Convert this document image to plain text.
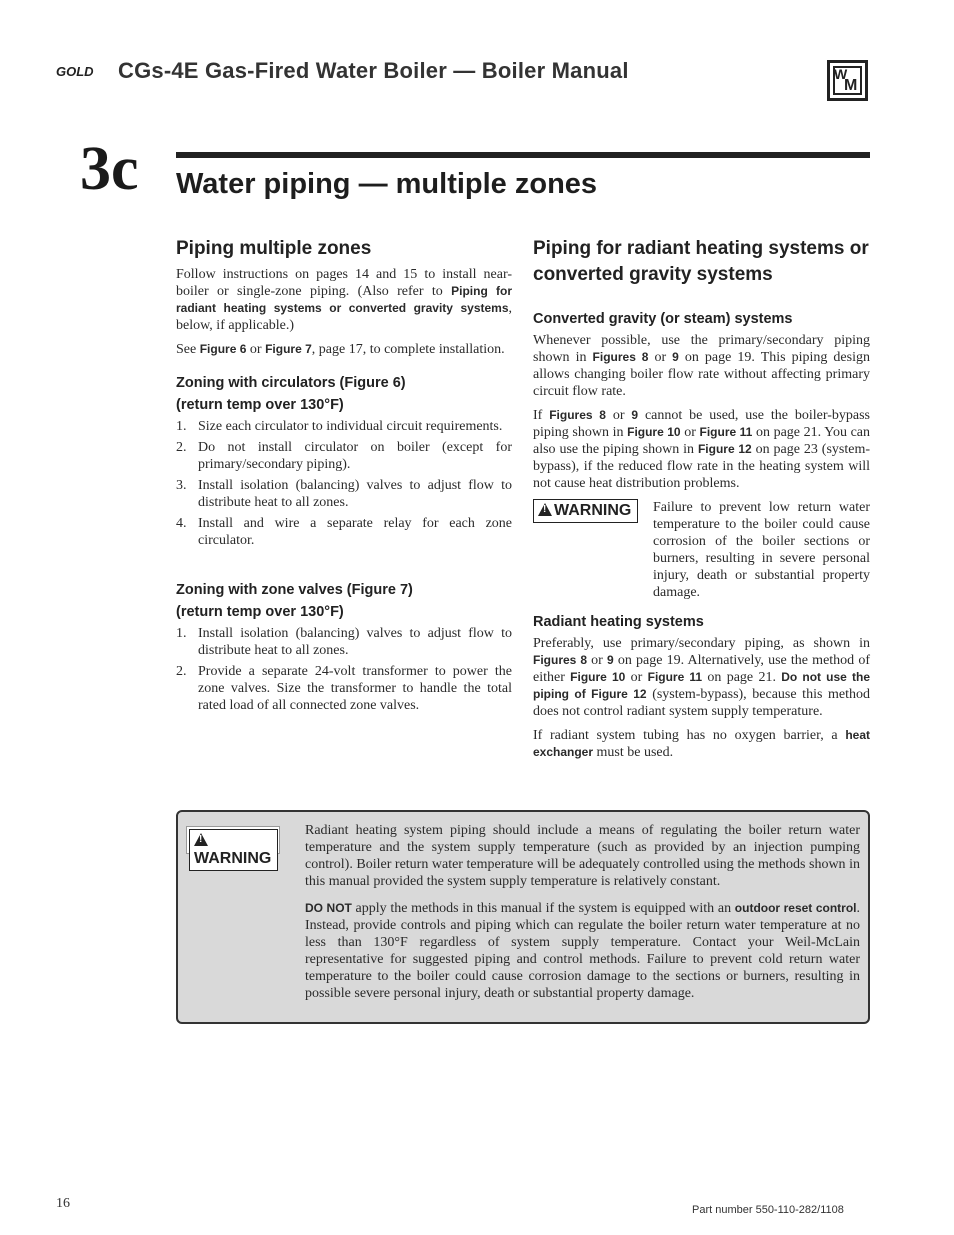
GOLD CGs-4E Gas-Fired Water Boiler — Boiler Manual	W
M
3c Water piping — multiple zones
Piping multiple zones

Follow instructions on pages 14 and 15 to install near-boiler or single-zone piping. (Also refer to Piping for radiant heating systems or converted gravity systems, below, if applicable.)

See Figure 6 or Figure 7, page 17, to complete installation.

Zoning with circulators (Figure 6)
(return temp over 130°F)
1. Size each circulator to individual circuit requirements.
2. Do not install circulator on boiler (except for primary/secondary piping).
3. Install isolation (balancing) valves to adjust flow to distribute heat to all zones.
4. Install and wire a separate relay for each zone circulator.
Zoning with zone valves (Figure 7)
(return temp over 130°F)
1. Install isolation (balancing) valves to adjust flow to distribute heat to all zones.
2. Provide a separate 24-volt transformer to power the zone valves. Size the transformer to handle the total rated load of all connected zone valves.
Piping for radiant heating systems or converted gravity systems
Converted gravity (or steam) systems

Whenever possible, use the primary/secondary piping shown in Figures 8 or 9 on page 19. This piping design allows changing boiler flow rate without affecting primary circuit flow rate.

If Figures 8 or 9 cannot be used, use the boiler-bypass piping shown in Figure 10 or Figure 11 on page 21. You can also use the piping shown in Figure 12 on page 23 (system-bypass), if the reduced flow rate in the heating system will not cause heat distribution problems.

! WARNING	Failure to prevent low return water temperature to the boiler could cause corrosion of the boiler sections or burners, resulting in severe personal injury, death or substantial property damage.
Radiant heating systems

Preferably, use primary/secondary piping, as shown in Figures 8 or 9 on page 19. Alternatively, use the method of either Figure 10 or Figure 11 on page 21. Do not use the piping of Figure 12 (system-bypass), because this method does not control radiant system supply temperature.

If radiant system tubing has no oxygen barrier, a heat exchanger must be used.

!
WARNING

Radiant heating system piping should include a means of regulating the boiler return water temperature and the system supply temperature (such as provided by an injection pumping control). Boiler return water temperature will be adequately controlled using the methods shown in this manual provided the system supply temperature is relatively constant.

DO NOT apply the methods in this manual if the system is equipped with an outdoor reset control. Instead, provide controls and piping which can regulate the boiler return water temperature at no less than 130°F regardless of system supply temperature. Contact your Weil-McLain representative for suggested piping and control methods. Failure to prevent cold return water temperature to the boiler could cause corrosion damage to the sections or burners, resulting in possible severe personal injury, death or substantial property damage.

16	Part number 550-110-282/1108
